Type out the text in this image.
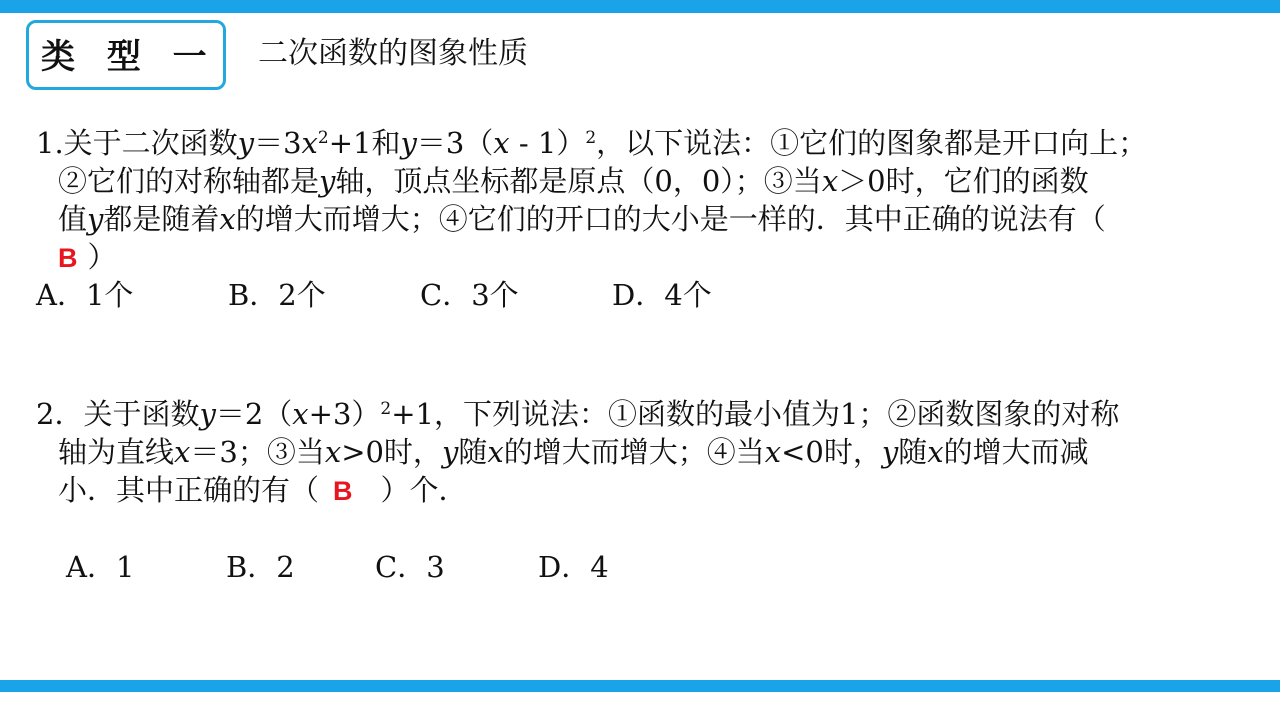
类 型 一 二次函数的图象性质
1.关于二次函数$y=3x^2+1$和y＝3（x - 1）$^2$，以下说法：①它们的图象都是开口向上；
②它们的对称轴都是y轴，顶点坐标都是原点（0，0）；③当x＞0时，它们的函数
值y都是随着x的增大而增大；④它们的开口的大小是一样的．其中正确的说法有（
B ）
A．1个	B．2个	C．3个	D．4个
2．关于函数$y=2(x+3)^2+1$，下列说法：①函数的最小值为1；②函数图象的对称
轴为直线x＝3；③当x>0时，y随x的增大而增大；④当x<0时，y随x的增大而减
小．其中正确的有（ B ）个．
A．1	B．2	C．3	D．4
